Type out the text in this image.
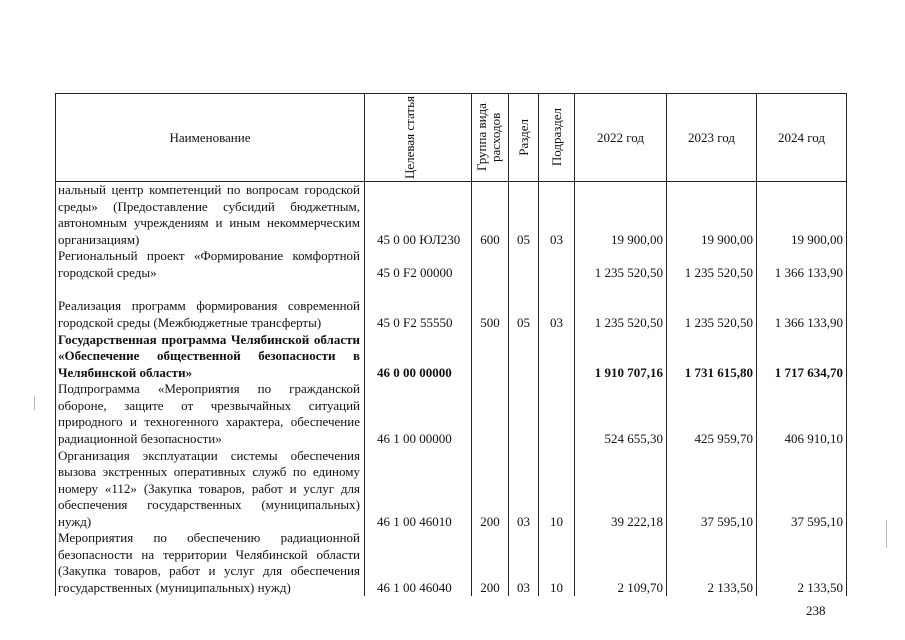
Наименование	Целевая статья	Группа вида расходов	Раздел	Подраздел	2022 год	2023 год	2024 год
нальный центр компетенций по вопросам городской среды» (Предоставление субсидий бюджетным, автономным учреждениям и иным некоммерческим организациям)	45 0 00 ЮЛ230	600	05	03	19 900,00	19 900,00	19 900,00
Региональный проект «Формирование комфортной городской среды»	45 0 F2 00000				1 235 520,50	1 235 520,50	1 366 133,90
Реализация программ формирования современной городской среды (Межбюджетные трансферты)	45 0 F2 55550	500	05	03	1 235 520,50	1 235 520,50	1 366 133,90
Государственная программа Челябинской области «Обеспечение общественной безопасности в Челябинской области»	46 0 00 00000				1 910 707,16	1 731 615,80	1 717 634,70
Подпрограмма «Мероприятия по гражданской обороне, защите от чрезвычайных ситуаций природного и техногенного характера, обеспечение радиационной безопасности»	46 1 00 00000				524 655,30	425 959,70	406 910,10
Организация эксплуатации системы обеспечения вызова экстренных оперативных служб по единому номеру «112» (Закупка товаров, работ и услуг для обеспечения государственных (муниципальных) нужд)	46 1 00 46010	200	03	10	39 222,18	37 595,10	37 595,10
Мероприятия по обеспечению радиационной безопасности на территории Челябинской области (Закупка товаров, работ и услуг для обеспечения государственных (муниципальных) нужд)	46 1 00 46040	200	03	10	2 109,70	2 133,50	2 133,50
238
